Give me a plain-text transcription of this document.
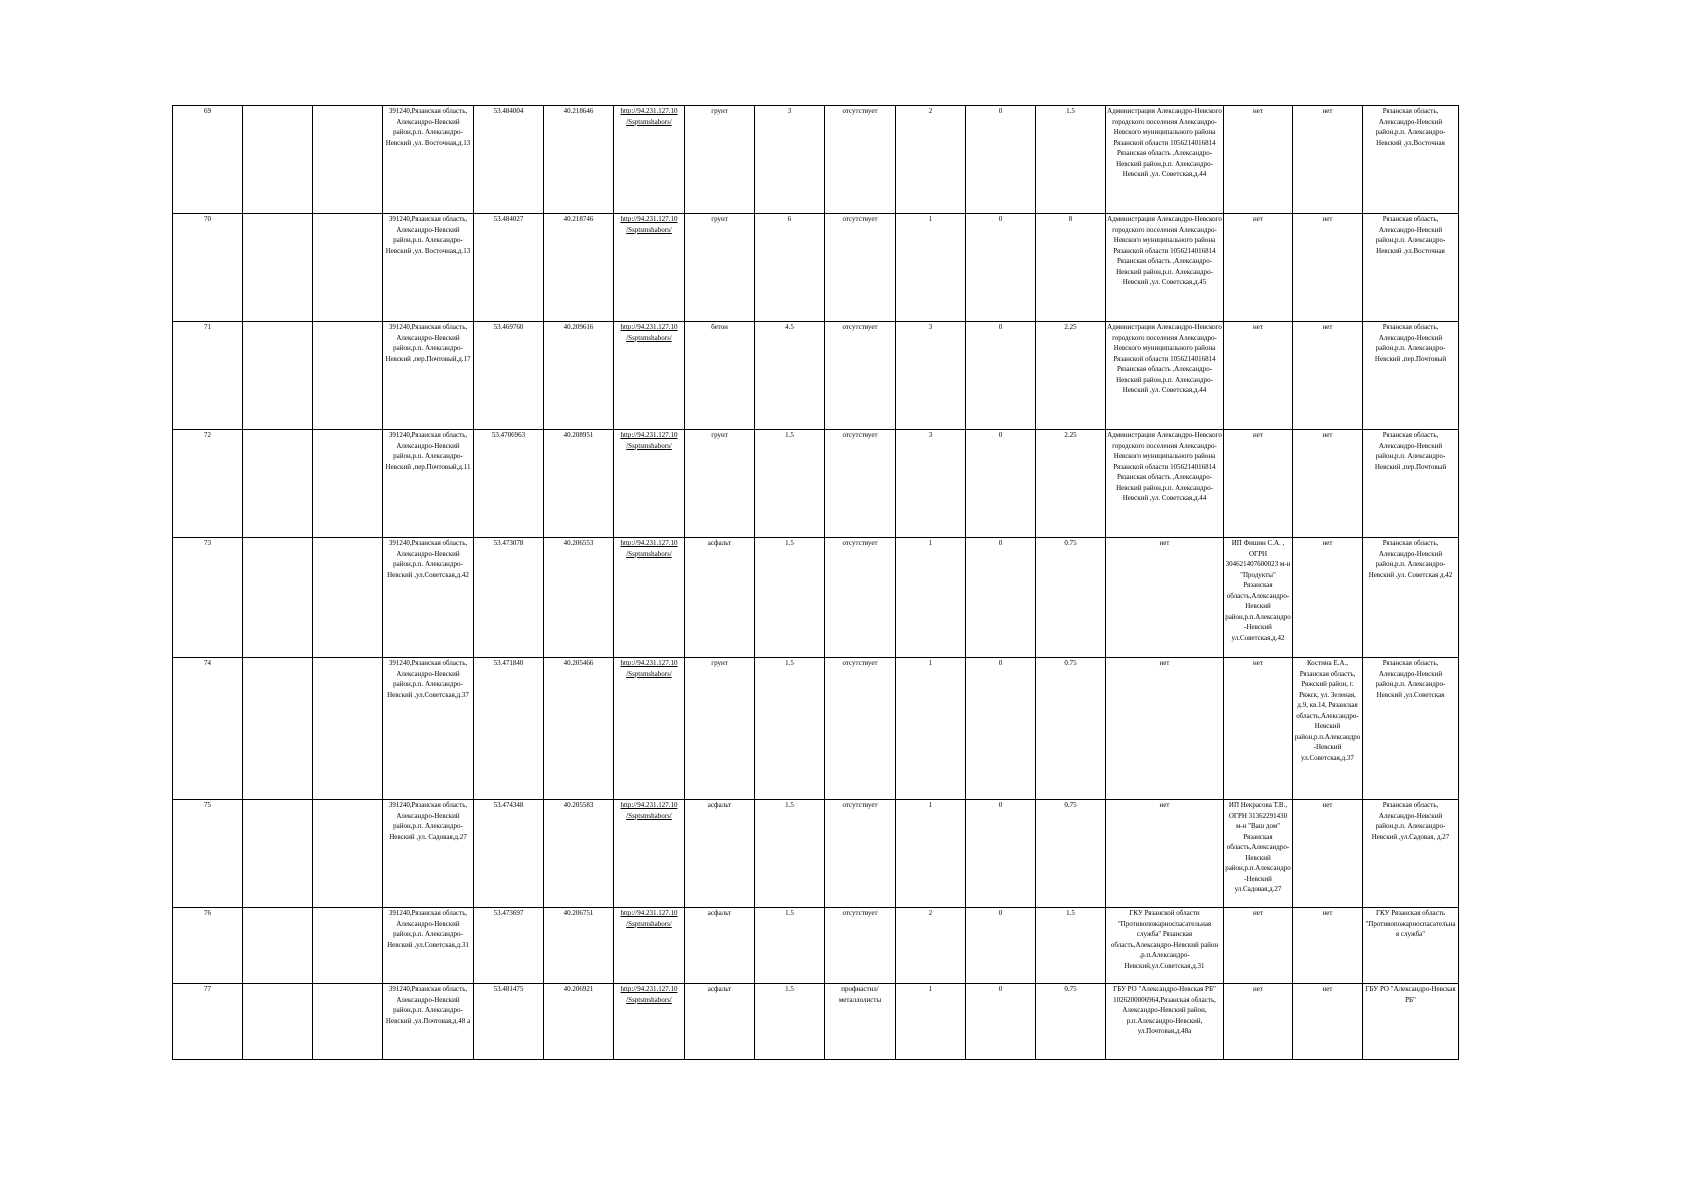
69			391240,Рязанская область, Александро-Невский район,р.п. Александро-Невский ,ул. Восточная,д.13	53.484004	40.218646	http://94.231.127.10 /Ssptsmshabors/	грунт	3	отсутствует	2	0	1.5	Администрация Александро-Невского городского поселения Александро-Невского муниципального района Рязанской области 1056214016814 Рязанская область ,Александро-Невский район,р.п. Александро-Невский ,ул. Советская,д.44	нет	нет	Рязанская область, Александро-Невский район,р.п. Александро-Невский ,ул.Восточная
70			391240,Рязанская область, Александро-Невский район,р.п. Александро-Невский ,ул. Восточная,д.13	53.484027	40.218746	http://94.231.127.10 /Ssptsmshabors/	грунт	6	отсутствует	1	0	8	Администрация Александро-Невского городского поселения Александро-Невского муниципального района Рязанской области 1056214016814 Рязанская область ,Александро-Невский район,р.п. Александро-Невский ,ул. Советская,д.45	нет	нет	Рязанская область, Александро-Невский район,р.п. Александро-Невский ,ул.Восточная
71			391240,Рязанская область, Александро-Невский район,р.п. Александро-Невский ,пер.Почтовый,д.17	53.469760	40.209616	http://94.231.127.10 /Ssptsmshabors/	бетон	4.5	отсутствует	3	0	2.25	Администрация Александро-Невского городского поселения Александро-Невского муниципального района Рязанской области 1056214016814 Рязанская область ,Александро-Невский район,р.п. Александро-Невский ,ул. Советская,д.44	нет	нет	Рязанская область, Александро-Невский район,р.п. Александро-Невский ,пер.Почтовый
72			391240,Рязанская область, Александро-Невский район,р.п. Александро-Невский ,пер.Почтовый,д.11	53.4706963	40.208951	http://94.231.127.10 /Ssptsmshabors/	грунт	1.5	отсутствует	3	0	2.25	Администрация Александро-Невского городского поселения Александро-Невского муниципального района Рязанской области 1056214016814 Рязанская область ,Александро-Невский район,р.п. Александро-Невский ,ул. Советская,д.44	нет	нет	Рязанская область, Александро-Невский район,р.п. Александро-Невский ,пер.Почтовый
73			391240,Рязанская область, Александро-Невский район,р.п. Александро-Невский ,ул.Советская,д.42	53.473078	40.206553	http://94.231.127.10 /Ssptsmshabors/	асфальт	1.5	отсутствует	1	0	0.75	нет	ИП Фишин С.А. , ОГРН 304621407600023 м-н "Продукты" Рязанская область,Александро-Невский район,р.п.Александро-Невский ул.Советская,д.42	нет	Рязанская область, Александро-Невский район,р.п. Александро-Невский ,ул. Советская д.42
74			391240,Рязанская область, Александро-Невский район,р.п. Александро-Невский ,ул.Советская,д.37	53.471840	40.205466	http://94.231.127.10 /Ssptsmshabors/	грунт	1.5	отсутствует	1	0	0.75	нет	нет	Костина Е.А., Рязанская область, Ряжский район, г. Ряжск, ул. Зеленая, д.9, кв.14, Рязанская область,Александро-Невский район,р.п.Александро-Невский ул.Советская,д.37	Рязанская область, Александро-Невский район,р.п. Александро-Невский ,ул.Советская
75			391240,Рязанская область, Александро-Невский район,р.п. Александро-Невский ,ул. Садовая,д.27	53.474348	40.205583	http://94.231.127.10 /Ssptsmshabors/	асфальт	1.5	отсутствует	1	0	0.75	нет	ИП Некрасова Т.В., ОГРН 31362291430 м-н "Ваш дом" Рязанская область,Александро-Невский район,р.п.Александро-Невский ул.Садовая,д.27	нет	Рязанская область, Александро-Невский район,р.п. Александро-Невский ,ул.Садовая, д.27
76			391240,Рязанская область, Александро-Невский район,р.п. Александро-Невский ,ул.Советская,д.31	53.473697	40.206751	http://94.231.127.10 /Ssptsmshabors/	асфальт	1.5	отсутствует	2	0	1.5	ГКУ Рязанской области "Противопожарноспасательная служба" Рязанская область,Александро-Невский район ,р.п.Александро-Невский,ул.Советская,д.31	нет	нет	ГКУ Рязанская область "Противопожарноспасательная служба"
77			391240,Рязанская область, Александро-Невский район,р.п. Александро-Невский ,ул.Почтовая,д.48 а	53.481475	40.206921	http://94.231.127.10 /Ssptsmshabors/	асфальт	1.5	профнастил/металлолисты	1	0	0.75	ГБУ РО "Александро-Невская РБ" 1026200006964,Рязанская область, Александро-Невский район, р.п.Александро-Невский, ул.Почтовая,д.48а	нет	нет	ГБУ РО "Александро-Невская РБ"
